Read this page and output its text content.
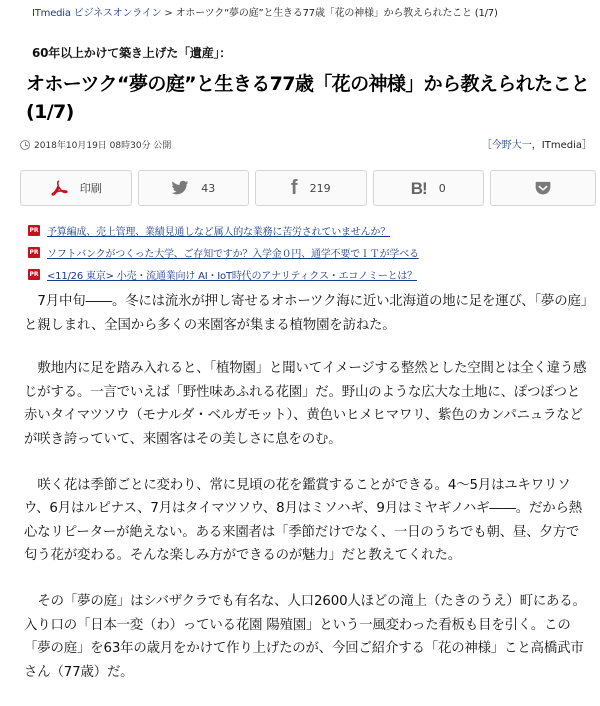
ITmedia ビジネスオンライン > オホーツク“夢の庭”と生きる77歳「花の神様」から教えられたこと (1/7)
60年以上かけて築き上げた「遺産」：
オホーツク“夢の庭”と生きる77歳「花の神様」から教えられたこと (1/7)
2018年10月19日 08時30分 公開	［今野大一，ITmedia］
印刷	43	f 219	B! 0
PR 予算編成、売上管理、業績見通しなど属人的な業務に苦労されていませんか？
PR ソフトバンクがつくった大学、ご存知ですか？入学金０円、通学不要でＩＴが学べる
PR <11/26 東京> 小売・流通業向け AI・IoT時代のアナリティクス・エコノミーとは？

7月中旬――。冬には流氷が押し寄せるオホーツク海に近い北海道の地に足を運び、「夢の庭」と親しまれ、全国から多くの来園客が集まる植物園を訪ねた。

敷地内に足を踏み入れると、「植物園」と聞いてイメージする整然とした空間とは全く違う感じがする。一言でいえば「野性味あふれる花園」だ。野山のような広大な土地に、ぽつぽつと赤いタイマツソウ（モナルダ・ベルガモット）、黄色いヒメヒマワリ、紫色のカンパニュラなどが咲き誇っていて、来園客はその美しさに息をのむ。

咲く花は季節ごとに変わり、常に見頃の花を鑑賞することができる。4～5月はユキワリソウ、6月はルピナス、7月はタイマツソウ、8月はミソハギ、9月はミヤギノハギ――。だから熱心なリピーターが絶えない。ある来園者は「季節だけでなく、一日のうちでも朝、昼、夕方で匂う花が変わる。そんな楽しみ方ができるのが魅力」だと教えてくれた。

その「夢の庭」はシバザクラでも有名な、人口2600人ほどの滝上（たきのうえ）町にある。入り口の「日本一変（わ）っている花園 陽殖園」という一風変わった看板も目を引く。この「夢の庭」を63年の歳月をかけて作り上げたのが、今回ご紹介する「花の神様」こと高橋武市さん（77歳）だ。
